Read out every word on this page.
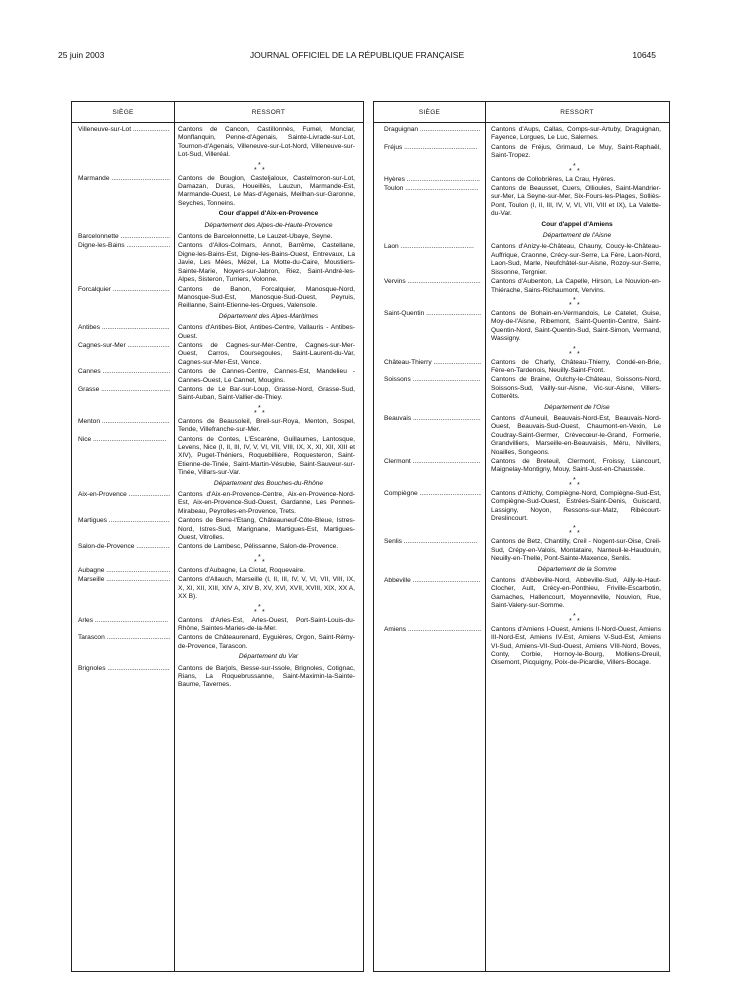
25 juin 2003	JOURNAL OFFICIEL DE LA RÉPUBLIQUE FRANÇAISE	10645
SIÈGE	RESSORT
Villeneuve-sur-Lot .....	Cantons de Cancon, Castillonnès, Fumel, Monclar, Monflanquin, Penne-d'Agenais, Sainte-Livrade-sur-Lot, Tournon-d'Agenais, Villeneuve-sur-Lot-Nord, Villeneuve-sur-Lot-Sud, Villeréal.
*
* *
Marmande .....	Cantons de Bouglon, Casteljaloux, Castelmoron-sur-Lot, Damazan, Duras, Houeillès, Lauzun, Marmande-Est, Marmande-Ouest, Le Mas-d'Agenais, Meilhan-sur-Garonne, Seyches, Tonneins.
Cour d'appel d'Aix-en-Provence
Département des Alpes-de-Haute-Provence
Barcelonnette .....	Cantons de Barcelonnette, Le Lauzet-Ubaye, Seyne.
Digne-les-Bains .....	Cantons d'Allos-Colmars, Annot, Barrême, Castellane, Digne-les-Bains-Est, Digne-les-Bains-Ouest, Entrevaux, La Javie, Les Mées, Mézel, La Motte-du-Caire, Moustiers-Sainte-Marie, Noyers-sur-Jabron, Riez, Saint-André-les-Alpes, Sisteron, Turriers, Volonne.
Forcalquier .....	Cantons de Banon, Forcalquier, Manosque-Nord, Manosque-Sud-Est, Manosque-Sud-Ouest, Peyruis, Reillanne, Saint-Etienne-les-Orgues, Valensole.
Département des Alpes-Maritimes
Antibes .....	Cantons d'Antibes-Biot, Antibes-Centre, Vallauris - Antibes-Ouest.
Cagnes-sur-Mer .....	Cantons de Cagnes-sur-Mer-Centre, Cagnes-sur-Mer-Ouest, Carros, Coursegoules, Saint-Laurent-du-Var, Cagnes-sur-Mer-Est, Vence.
Cannes .....	Cantons de Cannes-Centre, Cannes-Est, Mandelieu - Cannes-Ouest, Le Cannet, Mougins.
Grasse .....	Cantons de Le Bar-sur-Loup, Grasse-Nord, Grasse-Sud, Saint-Auban, Saint-Vallier-de-Thiey.
*
* *
Menton .....	Cantons de Beausoleil, Breil-sur-Roya, Menton, Sospel, Tende, Villefranche-sur-Mer.
Nice .....	Cantons de Contes, L'Escarène, Guillaumes, Lantosque, Levens, Nice (I, II, III, IV, V, VI, VII, VIII, IX, X, XI, XII, XIII et XIV), Puget-Théniers, Roquebillière, Roquesteron, Saint-Etienne-de-Tinée, Saint-Martin-Vésubie, Saint-Sauveur-sur-Tinée, Villars-sur-Var.
Département des Bouches-du-Rhône
Aix-en-Provence .....	Cantons d'Aix-en-Provence-Centre, Aix-en-Provence-Nord-Est, Aix-en-Provence-Sud-Ouest, Gardanne, Les Pennes-Mirabeau, Peyrolles-en-Provence, Trets.
Martigues .....	Cantons de Berre-l'Etang, Châteauneuf-Côte-Bleue, Istres-Nord, Istres-Sud, Marignane, Martigues-Est, Martigues-Ouest, Vitrolles.
Salon-de-Provence .....	Cantons de Lambesc, Pélissanne, Salon-de-Provence.
*
* *
Aubagne .....	Cantons d'Aubagne, La Ciotat, Roquevaire.
Marseille .....	Cantons d'Allauch, Marseille (I, II, III, IV, V, VI, VII, VIII, IX, X, XI, XII, XIII, XIV A, XIV B, XV, XVI, XVII, XVIII, XIX, XX A, XX B).
*
* *
Arles .....	Cantons d'Arles-Est, Arles-Ouest, Port-Saint-Louis-du-Rhône, Saintes-Maries-de-la-Mer.
Tarascon .....	Cantons de Châteaurenard, Eyguières, Orgon, Saint-Rémy-de-Provence, Tarascon.
Département du Var
Brignoles .....	Cantons de Barjols, Besse-sur-Issole, Brignoles, Cotignac, Rians, La Roquebrussanne, Saint-Maximin-la-Sainte-Baume, Tavernes.
SIÈGE	RESSORT
Draguignan .....	Cantons d'Aups, Callas, Comps-sur-Artuby, Draguignan, Fayence, Lorgues, Le Luc, Salernes.
Fréjus .....	Cantons de Fréjus, Grimaud, Le Muy, Saint-Raphaël, Saint-Tropez.
*
* *
Hyères .....	Cantons de Collobrières, La Crau, Hyères.
Toulon .....	Cantons de Beausset, Cuers, Ollioules, Saint-Mandrier-sur-Mer, La Seyne-sur-Mer, Six-Fours-les-Plages, Solliès-Pont, Toulon (I, II, III, IV, V, VI, VII, VIII et IX), La Valette-du-Var.
Cour d'appel d'Amiens
Département de l'Aisne
Laon .....	Cantons d'Anizy-le-Château, Chauny, Coucy-le-Château-Auffrique, Craonne, Crécy-sur-Serre, La Fère, Laon-Nord, Laon-Sud, Marle, Neufchâtel-sur-Aisne, Rozoy-sur-Serre, Sissonne, Tergnier.
Vervins .....	Cantons d'Aubenton, La Capelle, Hirson, Le Nouvion-en-Thiérache, Sains-Richaumont, Vervins.
*
* *
Saint-Quentin .....	Cantons de Bohain-en-Vermandois, Le Catelet, Guise, Moy-de-l'Aisne, Ribemont, Saint-Quentin-Centre, Saint-Quentin-Nord, Saint-Quentin-Sud, Saint-Simon, Vermand, Wassigny.
*
* *
Château-Thierry .....	Cantons de Charly, Château-Thierry, Condé-en-Brie, Fère-en-Tardenois, Neuilly-Saint-Front.
Soissons .....	Cantons de Braine, Oulchy-le-Château, Soissons-Nord, Soissons-Sud, Vailly-sur-Aisne, Vic-sur-Aisne, Villers-Cotterêts.
Département de l'Oise
Beauvais .....	Cantons d'Auneuil, Beauvais-Nord-Est, Beauvais-Nord-Ouest, Beauvais-Sud-Ouest, Chaumont-en-Vexin, Le Coudray-Saint-Germer, Crèvecœur-le-Grand, Formerie, Grandvilliers, Marseille-en-Beauvaisis, Méru, Nivillers, Noailles, Songeons.
Clermont .....	Cantons de Breteuil, Clermont, Froissy, Liancourt, Maignelay-Montigny, Mouy, Saint-Just-en-Chaussée.
*
* *
Compiègne .....	Cantons d'Attichy, Compiègne-Nord, Compiègne-Sud-Est, Compiègne-Sud-Ouest, Estrées-Saint-Denis, Guiscard, Lassigny, Noyon, Ressons-sur-Matz, Ribécourt-Dreslincourt.
*
* *
Senlis .....	Cantons de Betz, Chantilly, Creil - Nogent-sur-Oise, Creil-Sud, Crépy-en-Valois, Montataire, Nanteuil-le-Haudouin, Neuilly-en-Thelle, Pont-Sainte-Maxence, Senlis.
Département de la Somme
Abbeville .....	Cantons d'Abbeville-Nord, Abbeville-Sud, Ailly-le-Haut-Clocher, Ault, Crécy-en-Ponthieu, Friville-Escarbotin, Gamaches, Hallencourt, Moyenneville, Nouvion, Rue, Saint-Valery-sur-Somme.
*
* *
Amiens .....	Cantons d'Amiens I-Ouest, Amiens II-Nord-Ouest, Amiens III-Nord-Est, Amiens IV-Est, Amiens V-Sud-Est, Amiens VI-Sud, Amiens-VII-Sud-Ouest, Amiens VIII-Nord, Boves, Conty, Corbie, Hornoy-le-Bourg, Molliens-Dreuil, Oisemont, Picquigny, Poix-de-Picardie, Villers-Bocage.
